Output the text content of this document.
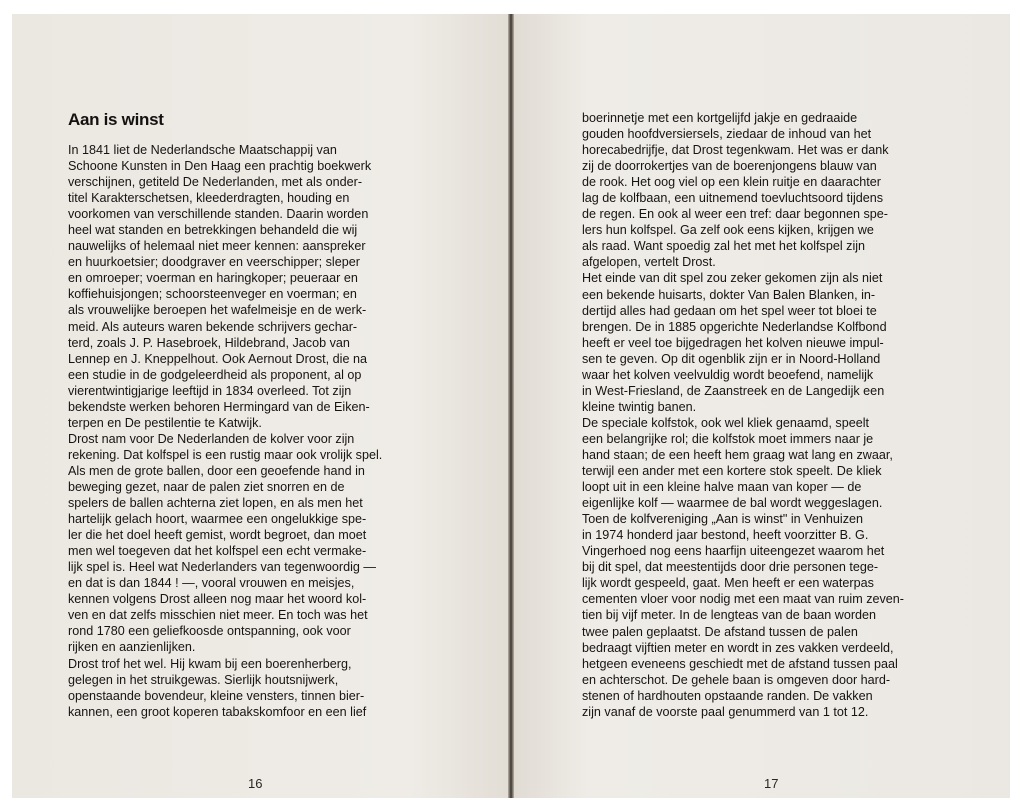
Aan is winst
In 1841 liet de Nederlandsche Maatschappij van
Schoone Kunsten in Den Haag een prachtig boekwerk
verschijnen, getiteld De Nederlanden, met als onder-
titel Karakterschetsen, kleederdragten, houding en
voorkomen van verschillende standen. Daarin worden
heel wat standen en betrekkingen behandeld die wij
nauwelijks of helemaal niet meer kennen: aanspreker
en huurkoetsier; doodgraver en veerschipper; sleper
en omroeper; voerman en haringkoper; peueraar en
koffiehuisjongen; schoorsteenveger en voerman; en
als vrouwelijke beroepen het wafelmeisje en de werk-
meid. Als auteurs waren bekende schrijvers gechar-
terd, zoals J. P. Hasebroek, Hildebrand, Jacob van
Lennep en J. Kneppelhout. Ook Aernout Drost, die na
een studie in de godgeleerdheid als proponent, al op
vierentwintigjarige leeftijd in 1834 overleed. Tot zijn
bekendste werken behoren Hermingard van de Eiken-
terpen en De pestilentie te Katwijk.
Drost nam voor De Nederlanden de kolver voor zijn
rekening. Dat kolfspel is een rustig maar ook vrolijk spel.
Als men de grote ballen, door een geoefende hand in
beweging gezet, naar de palen ziet snorren en de
spelers de ballen achterna ziet lopen, en als men het
hartelijk gelach hoort, waarmee een ongelukkige spe-
ler die het doel heeft gemist, wordt begroet, dan moet
men wel toegeven dat het kolfspel een echt vermake-
lijk spel is. Heel wat Nederlanders van tegenwoordig —
en dat is dan 1844 ! —, vooral vrouwen en meisjes,
kennen volgens Drost alleen nog maar het woord kol-
ven en dat zelfs misschien niet meer. En toch was het
rond 1780 een geliefkoosde ontspanning, ook voor
rijken en aanzienlijken.
Drost trof het wel. Hij kwam bij een boerenherberg,
gelegen in het struikgewas. Sierlijk houtsnijwerk,
openstaande bovendeur, kleine vensters, tinnen bier-
kannen, een groot koperen tabakskomfoor en een lief
16
boerinnetje met een kortgelijfd jakje en gedraaide
gouden hoofdversiersels, ziedaar de inhoud van het
horecabedrijfje, dat Drost tegenkwam. Het was er dank
zij de doorrokertjes van de boerenjongens blauw van
de rook. Het oog viel op een klein ruitje en daarachter
lag de kolfbaan, een uitnemend toevluchtsoord tijdens
de regen. En ook al weer een tref: daar begonnen spe-
lers hun kolfspel. Ga zelf ook eens kijken, krijgen we
als raad. Want spoedig zal het met het kolfspel zijn
afgelopen, vertelt Drost.
Het einde van dit spel zou zeker gekomen zijn als niet
een bekende huisarts, dokter Van Balen Blanken, in-
dertijd alles had gedaan om het spel weer tot bloei te
brengen. De in 1885 opgerichte Nederlandse Kolfbond
heeft er veel toe bijgedragen het kolven nieuwe impul-
sen te geven. Op dit ogenblik zijn er in Noord-Holland
waar het kolven veelvuldig wordt beoefend, namelijk
in West-Friesland, de Zaanstreek en de Langedijk een
kleine twintig banen.
De speciale kolfstok, ook wel kliek genaamd, speelt
een belangrijke rol; die kolfstok moet immers naar je
hand staan; de een heeft hem graag wat lang en zwaar,
terwijl een ander met een kortere stok speelt. De kliek
loopt uit in een kleine halve maan van koper — de
eigenlijke kolf — waarmee de bal wordt weggeslagen.
Toen de kolfvereniging „Aan is winst" in Venhuizen
in 1974 honderd jaar bestond, heeft voorzitter B. G.
Vingerhoed nog eens haarfijn uiteengezet waarom het
bij dit spel, dat meestentijds door drie personen tege-
lijk wordt gespeeld, gaat. Men heeft er een waterpas
cementen vloer voor nodig met een maat van ruim zeven-
tien bij vijf meter. In de lengteas van de baan worden
twee palen geplaatst. De afstand tussen de palen
bedraagt vijftien meter en wordt in zes vakken verdeeld,
hetgeen eveneens geschiedt met de afstand tussen paal
en achterschot. De gehele baan is omgeven door hard-
stenen of hardhouten opstaande randen. De vakken
zijn vanaf de voorste paal genummerd van 1 tot 12.
17
